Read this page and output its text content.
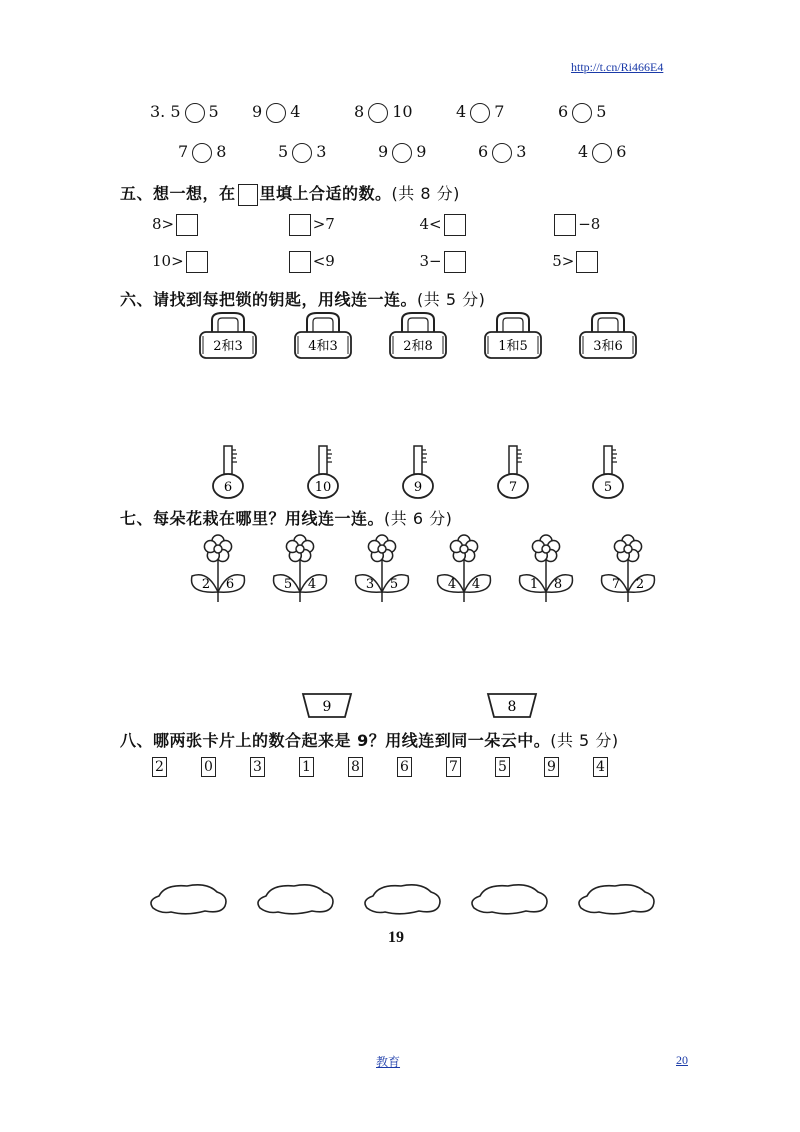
http://t.cn/Ri466E4
3. 5 5	9 4	8 10	4 7	6 5
7 8	5 3	9 9	6 3	4 6
五、想一想，在 里填上合适的数。(共 8 分)
8>	>7	4<	−8
10>	<9	3−	5>
六、请找到每把锁的钥匙，用线连一连。(共 5 分)
2和3	4和3	2和8	1和5	3和6
6	10	9	7	5
七、每朵花栽在哪里？用线连一连。(共 6 分)
2 6	5 4	3 5	4 4	1 8	7 2
9	8
八、哪两张卡片上的数合起来是 9？用线连到同一朵云中。(共 5 分)
2	0	3	1	8	6	7	5	9	4
19
教育	20
